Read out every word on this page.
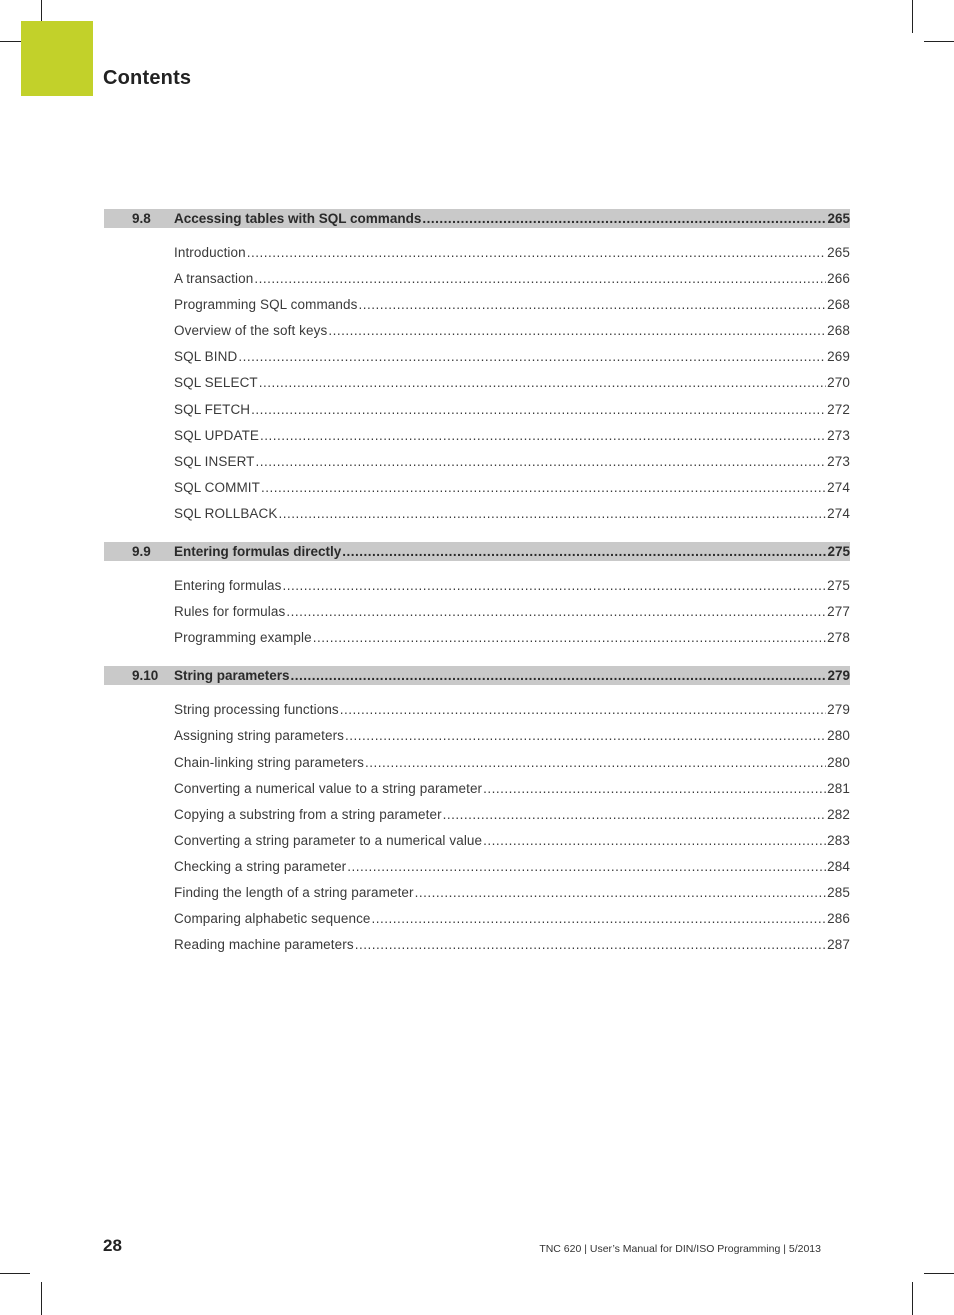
Contents
9.8	Accessing tables with SQL commands .....	265
Introduction .....	265
A transaction .....	266
Programming SQL commands .....	268
Overview of the soft keys .....	268
SQL BIND .....	269
SQL SELECT .....	270
SQL FETCH .....	272
SQL UPDATE .....	273
SQL INSERT .....	273
SQL COMMIT .....	274
SQL ROLLBACK .....	274
9.9	Entering formulas directly .....	275
Entering formulas .....	275
Rules for formulas .....	277
Programming example .....	278
9.10	String parameters .....	279
String processing functions .....	279
Assigning string parameters .....	280
Chain-linking string parameters .....	280
Converting a numerical value to a string parameter .....	281
Copying a substring from a string parameter .....	282
Converting a string parameter to a numerical value .....	283
Checking a string parameter .....	284
Finding the length of a string parameter .....	285
Comparing alphabetic sequence .....	286
Reading machine parameters .....	287
28	TNC 620 | User’s Manual for DIN/ISO Programming | 5/2013
